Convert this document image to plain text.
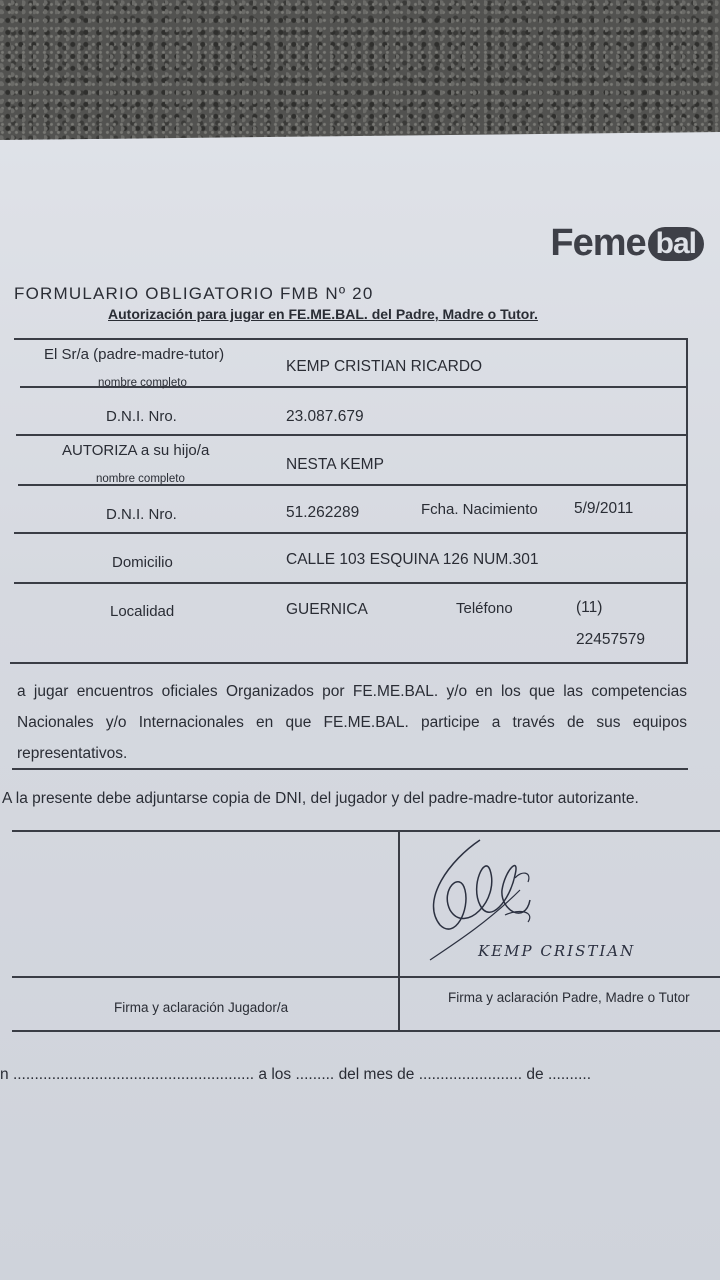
Feme bal
FORMULARIO OBLIGATORIO FMB Nº 20
Autorización para jugar en FE.ME.BAL. del Padre, Madre o Tutor.
El Sr/a (padre-madre-tutor)
nombre completo
KEMP CRISTIAN RICARDO
D.N.I. Nro.	23.087.679
AUTORIZA a su hijo/a
nombre completo
NESTA KEMP
D.N.I. Nro.	51.262289	Fcha. Nacimiento 5/9/2011
Domicilio	CALLE 103 ESQUINA 126 NUM.301
Localidad	GUERNICA	Teléfono	(11)
22457579
a jugar encuentros oficiales Organizados por FE.ME.BAL. y/o en los que las competencias Nacionales y/o Internacionales en que FE.ME.BAL. participe a través de sus equipos representativos.
A la presente debe adjuntarse copia de DNI, del jugador y del padre-madre-tutor autorizante.
KEMP CRISTIAN
Firma y aclaración Jugador/a
Firma y aclaración Padre, Madre o Tutor
n ........................................................ a los ......... del mes de ........................ de ..........
